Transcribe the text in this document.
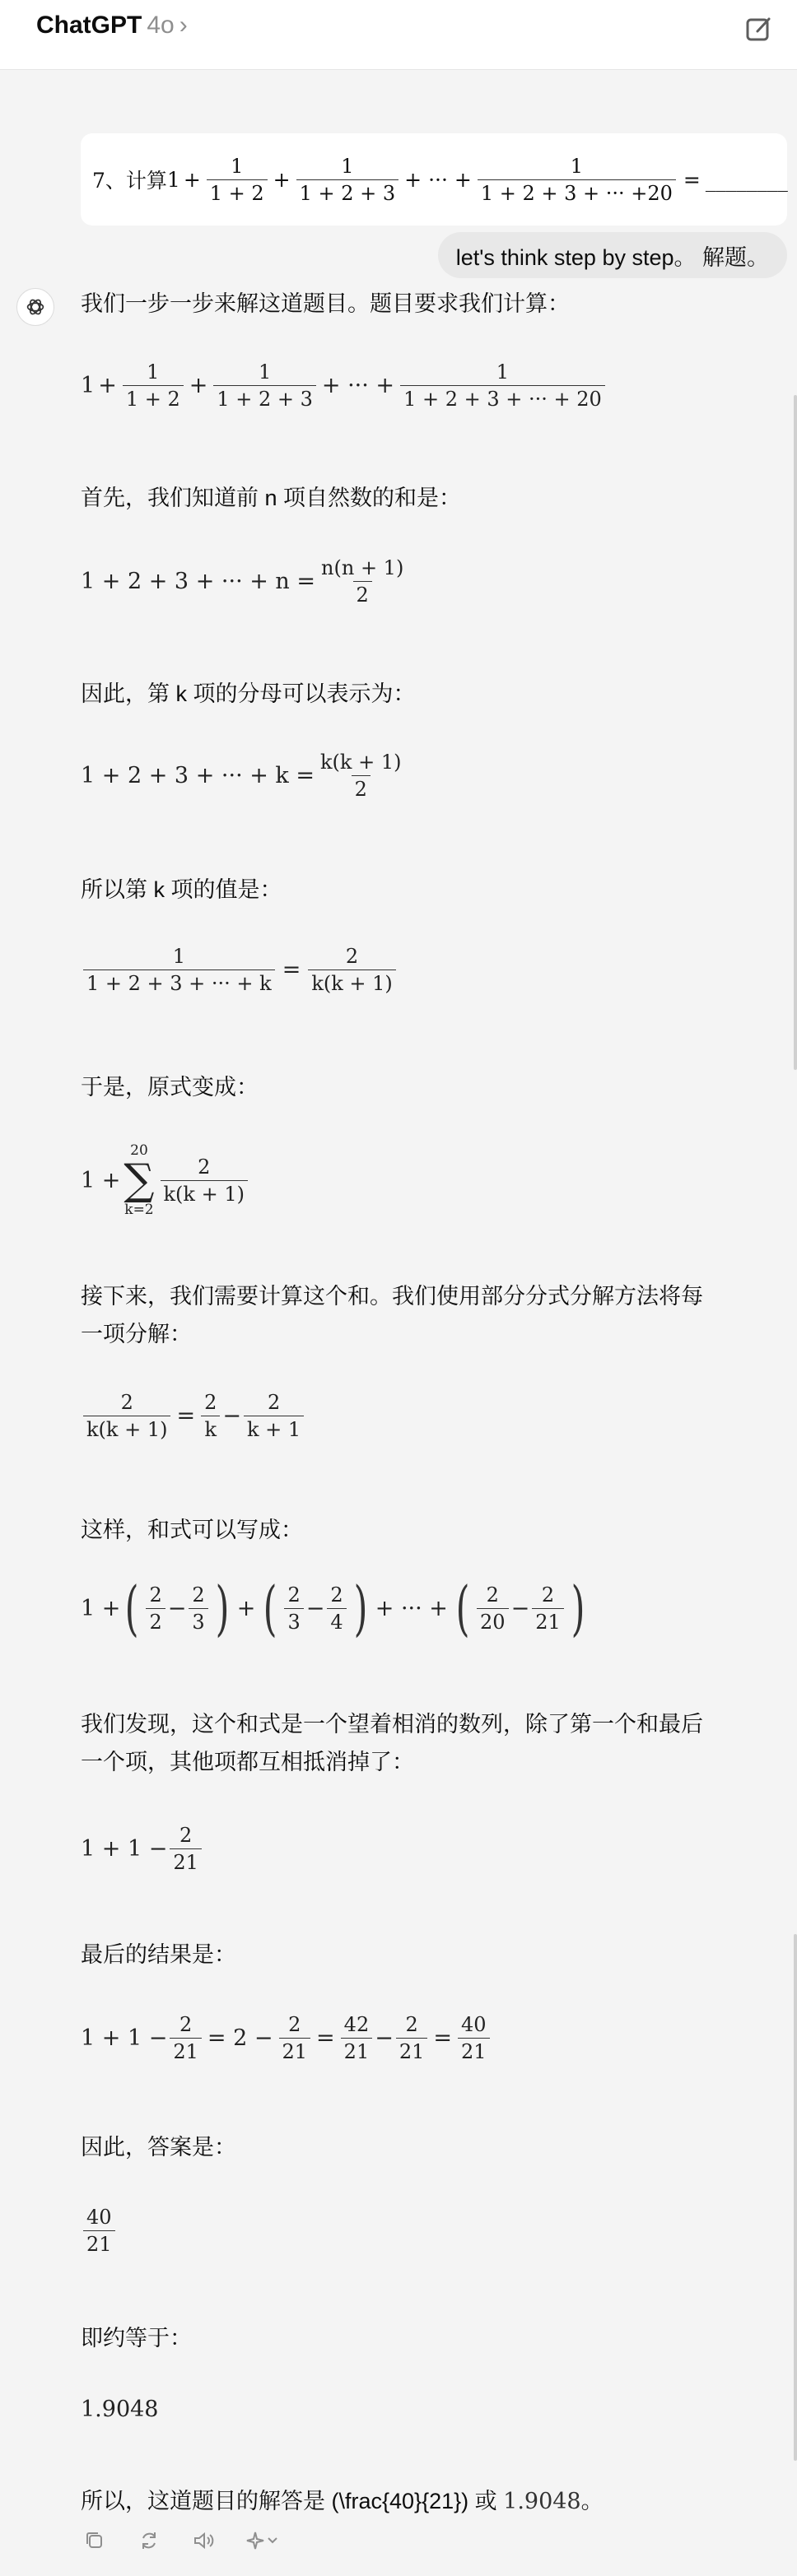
ChatGPT 4o ›
7、计算 $1 + \frac{1}{1 + 2} + \frac{1}{1 + 2 + 3}$ + ··· + $\frac{1}{1 + 2 + 3 + \cdot\cdot\cdot +20}$ = ________
let's think step by step。 解题。
我们一步一步来解这道题目。题目要求我们计算：
$1 + \frac{1}{1 + 2} + \frac{1}{1 + 2 + 3}$ + ··· + $\frac{1}{1 + 2 + 3 + \cdot\cdot\cdot + 20}$
首先，我们知道前 n 项自然数的和是：
1 + 2 + 3 + ··· + $n = \frac{n(n + 1)}{2}$
因此，第 k 项的分母可以表示为：
1 + 2 + 3 + ··· + $k = \frac{k(k + 1)}{2}$
所以第 k 项的值是：
$\frac{1}{1 + 2 + 3 + \cdot\cdot\cdot + k} = \frac{2}{k(k + 1)}$
于是，原式变成：
1 +
20
∑
k=2
$\frac{2}{k(k + 1)}$
接下来，我们需要计算这个和。我们使用部分分式分解方法将每一项分解：
$\frac{2}{k(k + 1)} = \frac{2}{k} - \frac{2}{k + 1}$
这样，和式可以写成：
1 + ( $\frac{2}{2} - \frac{2}{3}$ ) + ( $\frac{2}{3} - \frac{2}{4}$ ) + ··· + ( $\frac{2}{20} - \frac{2}{21}$ )
我们发现，这个和式是一个望着相消的数列，除了第一个和最后一个项，其他项都互相抵消掉了：
$1 + 1 - \frac{2}{21}$
最后的结果是：
$1 + 1 - \frac{2}{21} = 2 - \frac{2}{21} = \frac{42}{21} - \frac{2}{21} = \frac{40}{21}$
因此，答案是：
$\frac{40}{21}$
即约等于：
1.9048
所以，这道题目的解答是 (\frac{40}{21}) 或 1.9048。
